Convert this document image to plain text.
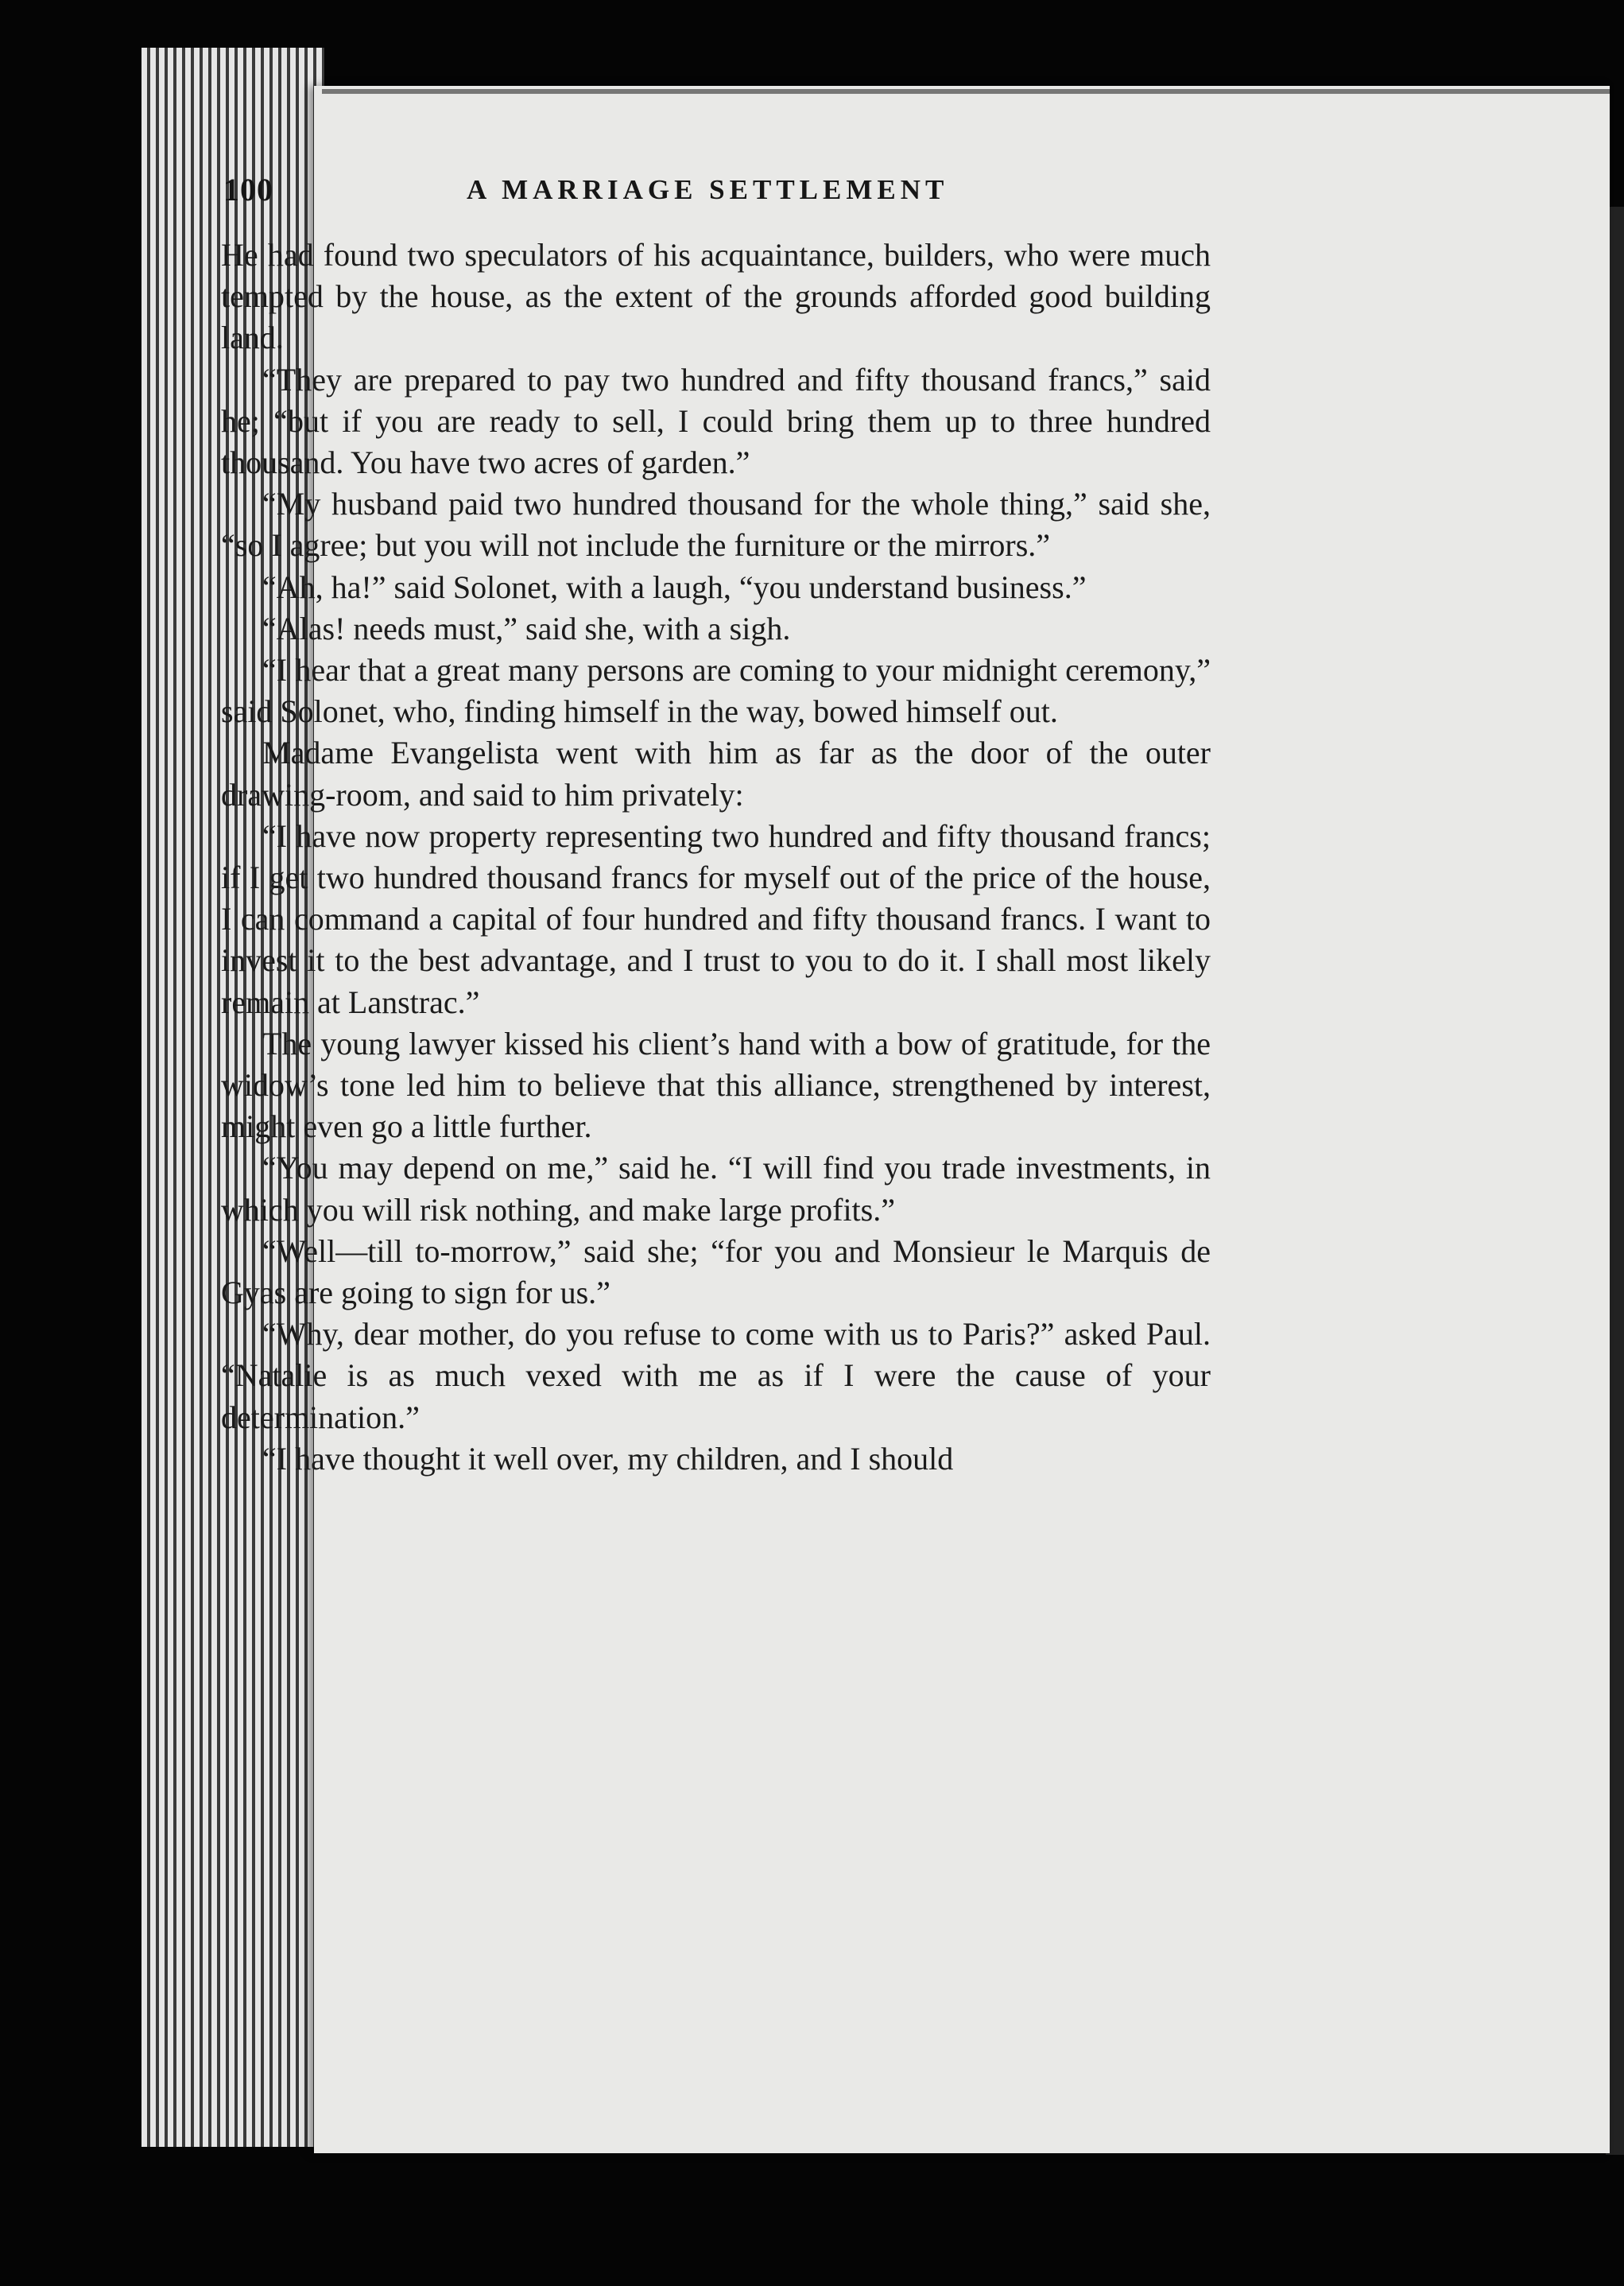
100	A MARRIAGE SETTLEMENT

He had found two speculators of his acquaintance, builders, who were much tempted by the house, as the extent of the grounds afforded good building land.

“They are prepared to pay two hundred and fifty thousand francs,” said he; “but if you are ready to sell, I could bring them up to three hundred thousand. You have two acres of garden.”

“My husband paid two hundred thousand for the whole thing,” said she, “so I agree; but you will not include the furniture or the mirrors.”

“Ah, ha!” said Solonet, with a laugh, “you understand business.”

“Alas! needs must,” said she, with a sigh.

“I hear that a great many persons are coming to your midnight ceremony,” said Solonet, who, finding himself in the way, bowed himself out.

Madame Evangelista went with him as far as the door of the outer drawing-room, and said to him privately:

“I have now property representing two hundred and fifty thousand francs; if I get two hundred thousand francs for myself out of the price of the house, I can command a capital of four hundred and fifty thousand francs. I want to invest it to the best advantage, and I trust to you to do it. I shall most likely remain at Lanstrac.”

The young lawyer kissed his client’s hand with a bow of gratitude, for the widow’s tone led him to believe that this alliance, strengthened by interest, might even go a little further.

“You may depend on me,” said he. “I will find you trade investments, in which you will risk nothing, and make large profits.”

“Well—till to-morrow,” said she; “for you and Monsieur le Marquis de Gyas are going to sign for us.”

“Why, dear mother, do you refuse to come with us to Paris?” asked Paul. “Natalie is as much vexed with me as if I were the cause of your determination.”

“I have thought it well over, my children, and I should
